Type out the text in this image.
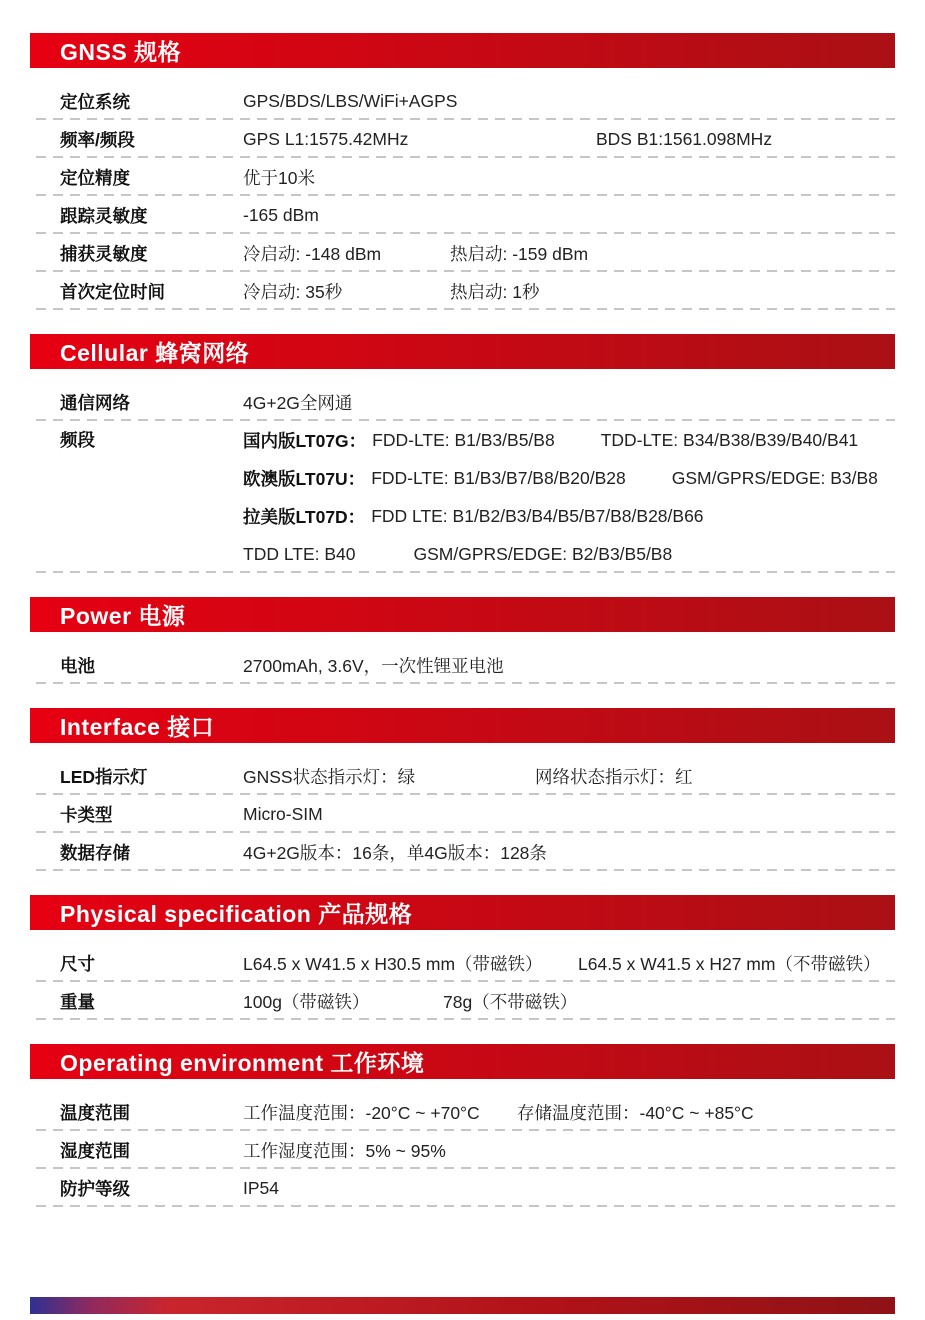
GNSS 规格
定位系统	GPS/BDS/LBS/WiFi+AGPS
频率/频段	GPS L1:1575.42MHz	BDS B1:1561.098MHz
定位精度	优于10米
跟踪灵敏度	-165 dBm
捕获灵敏度	冷启动: -148 dBm	热启动: -159 dBm
首次定位时间	冷启动: 35秒	热启动: 1秒
Cellular 蜂窝网络
通信网络	4G+2G全网通
频段	国内版LT07G： FDD-LTE: B1/B3/B5/B8	TDD-LTE: B34/B38/B39/B40/B41
欧澳版LT07U： FDD-LTE: B1/B3/B7/B8/B20/B28	GSM/GPRS/EDGE: B3/B8
拉美版LT07D： FDD LTE: B1/B2/B3/B4/B5/B7/B8/B28/B66
TDD LTE: B40	GSM/GPRS/EDGE: B2/B3/B5/B8
Power 电源
电池	2700mAh, 3.6V，一次性锂亚电池
Interface 接口
LED指示灯	GNSS状态指示灯：绿	网络状态指示灯：红
卡类型	Micro-SIM
数据存储	4G+2G版本：16条，单4G版本：128条
Physical specification 产品规格
尺寸	L64.5 x W41.5 x H30.5 mm（带磁铁）	L64.5 x W41.5 x H27 mm（不带磁铁）
重量	100g（带磁铁）	78g（不带磁铁）
Operating environment 工作环境
温度范围	工作温度范围：-20°C ~ +70°C	存储温度范围：-40°C ~ +85°C
湿度范围	工作湿度范围：5% ~ 95%
防护等级	IP54
